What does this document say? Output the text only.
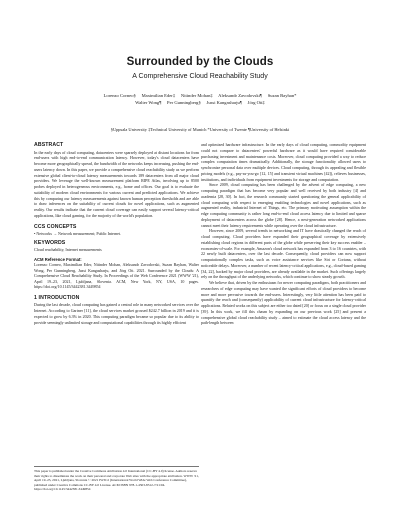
Surrounded by the Clouds
A Comprehensive Cloud Reachability Study
Lorenzo Corneo§ Maximilian Eder‡ Nitinder Mohan‡ Aleksandr Zavodovski¶ Suzan Bayhan*
Walter Wong¶ Per Gunningberg§ Jussi Kangasharju¶ Jörg Ott‡
§Uppsala University ‡Technical University of Munich *University of Twente ¶University of Helsinki
ABSTRACT

In the early days of cloud computing, datacenters were sparsely deployed at distant locations far from end-users with high end-to-end communication latency. However, today's cloud datacenters have become more geographically spread, the bandwidth of the networks keeps increasing, pushing the end-users latency down. In this paper, we provide a comprehensive cloud reachability study as we perform extensive global client-to-cloud latency measurements towards 189 datacenters from all major cloud providers. We leverage the well-known measurement platform RIPE Atlas, involving up to 8500 probes deployed in heterogeneous environments, e.g., home and offices. Our goal is to evaluate the suitability of modern cloud environments for various current and predicted applications. We achieve this by comparing our latency measurements against known human perception thresholds and are able to draw inferences on the suitability of current clouds for novel applications, such as augmented reality. Our results indicate that the current cloud coverage can easily support several latency-critical applications, like cloud gaming, for the majority of the world's population.

CCS CONCEPTS

• Networks → Network measurement; Public Internet.

KEYWORDS

Cloud reachability, Internet measurements

ACM Reference Format:

Lorenzo Corneo, Maximilian Eder, Nitinder Mohan, Aleksandr Zavodovski, Suzan Bayhan, Walter Wong, Per Gunningberg, Jussi Kangasharju, and Jörg Ott. 2021. Surrounded by the Clouds: A Comprehensive Cloud Reachability Study. In Proceedings of the Web Conference 2021 (WWW '21), April 19–23, 2021, Ljubljana, Slovenia. ACM, New York, NY, USA, 10 pages. https://doi.org/10.1145/3442381.3449854

1 INTRODUCTION

During the last decade, cloud computing has gained a central role in many networked services over the Internet. According to Gartner [11], the cloud services market grossed $242.7 billion in 2019 and it is expected to grow by 6.3% in 2020. This computing paradigm became so popular due to its ability to provide seemingly unlimited storage and computational capabilities through its highly efficient

This paper is published under the Creative Commons Attribution 4.0 International (CC-BY 4.0) license. Authors reserve their rights to disseminate the work on their personal and corporate Web sites with the appropriate attribution. WWW '21, April 19–23, 2021, Ljubljana, Slovenia © 2021 IW3C2 (International World Wide Web Conference Committee), published under Creative Commons CC-BY 4.0 License. ACM ISBN 978-1-4503-8312-7/21/04. https://doi.org/10.1145/3442381.3449854

and optimized hardware infrastructure. In the early days of cloud computing, commodity equipment could not compare to datacenters' powerful hardware as it would have required considerable purchasing investment and maintenance costs. Moreover, cloud computing provided a way to reduce complex computation times dramatically. Additionally, the storage functionality allowed users to synchronize personal data over multiple devices. Cloud computing, through its appealing and flexible pricing models (e.g., pay-as-you-go [12, 15] and transient virtual machines [42]), relieves businesses, institutions, and individuals from equipment investments for storage and computation.

Since 2009, cloud computing has been challenged by the advent of edge computing, a new computing paradigm that has become very popular and well received by both industry [4] and academia [28, 30]. In fact, the research community started questioning the general applicability of cloud computing with respect to emerging enabling technologies and novel applications, such as augmented reality, industrial Internet of Things, etc. The primary motivating assumption within the edge computing community is rather long end-to-end cloud access latency due to limited and sparse deployment of datacenters across the globe [28]. Hence, a next-generation networked applications cannot meet their latency requirements while operating over the cloud infrastructure.

However, since 2009, several trends in networking and IT have drastically changed the reach of cloud computing. Cloud providers have expanded their geographical coverage by extensively establishing cloud regions in different parts of the globe while preserving their key success enabler – economies-of-scale. For example, Amazon's cloud network has expanded from 3 to 16 countries, with 22 newly built datacenters, over the last decade. Consequently, cloud providers can now support computationally complex tasks, such as voice assistance services like Siri or Cortana, without noticeable delays. Moreover, a number of recent latency-critical applications, e.g., cloud-based gaming [34, 22], backed by major cloud providers, are already available in the market. Such offerings largely rely on the throughput of the underlying networks, which continue to show steady growth.

We believe that, driven by the enthusiasm for newer computing paradigms, both practitioners and researchers of edge computing may have wanted the significant efforts of cloud providers to become more and more pervasive towards the end-users. Interestingly, very little attention has been paid to quantify the reach and (consequently) applicability of current cloud infrastructure for latency-critical applications. Related works on this subject are either too dated [20] or focus on a single cloud provider [39]. In this work, we fill this chasm by expanding on our previous work [25] and present a comprehensive global cloud reachability study – aimed to estimate the cloud access latency and the path-length between
